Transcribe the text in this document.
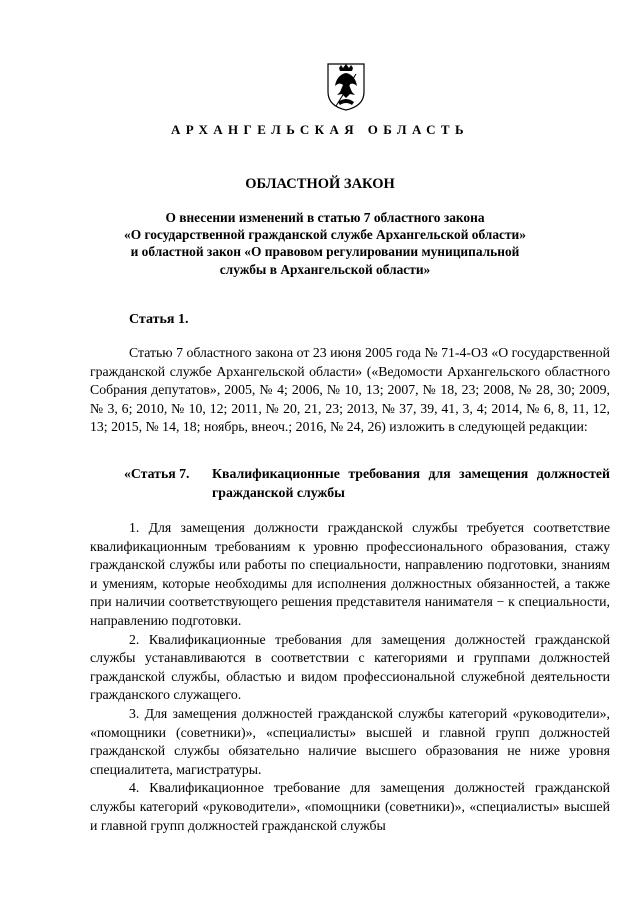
АРХАНГЕЛЬСКАЯ ОБЛАСТЬ
ОБЛАСТНОЙ ЗАКОН
О внесении изменений в статью 7 областного закона
«О государственной гражданской службе Архангельской области»
и областной закон «О правовом регулировании муниципальной
службы в Архангельской области»
Статья 1.

Статью 7 областного закона от 23 июня 2005 года № 71-4-ОЗ «О государственной гражданской службе Архангельской области» («Ведомости Архангельского областного Собрания депутатов», 2005, № 4; 2006, № 10, 13; 2007, № 18, 23; 2008, № 28, 30; 2009, № 3, 6; 2010, № 10, 12; 2011, № 20, 21, 23; 2013, № 37, 39, 41, 3, 4; 2014, № 6, 8, 11, 12, 13; 2015, № 14, 18; ноябрь, внеоч.; 2016, № 24, 26) изложить в следующей редакции:

«Статья 7.	Квалификационные требования для замещения должностей гражданской службы

1. Для замещения должности гражданской службы требуется соответствие квалификационным требованиям к уровню профессионального образования, стажу гражданской службы или работы по специальности, направлению подготовки, знаниям и умениям, которые необходимы для исполнения должностных обязанностей, а также при наличии соответствующего решения представителя нанимателя − к специальности, направлению подготовки.

2. Квалификационные требования для замещения должностей гражданской службы устанавливаются в соответствии с категориями и группами должностей гражданской службы, областью и видом профессиональной служебной деятельности гражданского служащего.

3. Для замещения должностей гражданской службы категорий «руководители», «помощники (советники)», «специалисты» высшей и главной групп должностей гражданской службы обязательно наличие высшего образования не ниже уровня специалитета, магистратуры.

4. Квалификационное требование для замещения должностей гражданской службы категорий «руководители», «помощники (советники)», «специалисты» высшей и главной групп должностей гражданской службы
